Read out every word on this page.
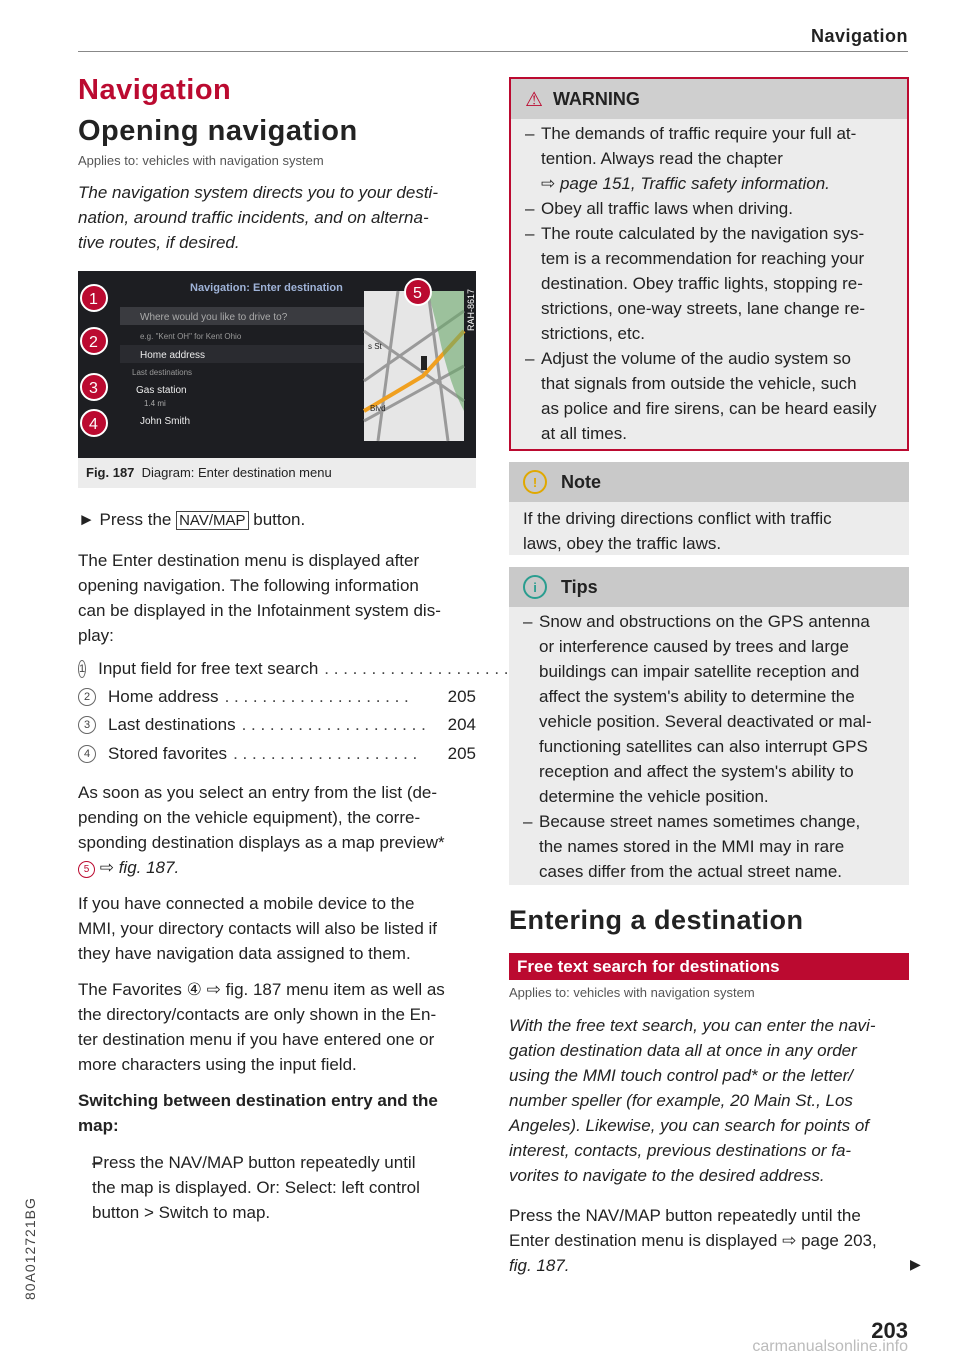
Navigation
80A012721BG
Navigation
Opening navigation
Applies to: vehicles with navigation system
The navigation system directs you to your desti-
nation, around traffic incidents, and on alterna-
tive routes, if desired.
s St
Blvd
Navigation: Enter destination
Where would you like to drive to?
e.g. "Kent OH" for Kent Ohio
Home address
Last destinations
Gas station
1.4 mi
John Smith
1
2
3
4
5	RAH-8617
Fig. 187 Diagram: Enter destination menu
► Press the NAV/MAP button.
The Enter destination menu is displayed after
opening navigation. The following information
can be displayed in the Infotainment system dis-
play:
1 Input field for free text search . . . . . . . . . . . . . . . . . . . .
2	Home address . . . . . . . . . . . . . . . . . . . .	205
3	Last destinations . . . . . . . . . . . . . . . . . . . .	204
4	Stored favorites . . . . . . . . . . . . . . . . . . . .	205
As soon as you select an entry from the list (de-
pending on the vehicle equipment), the corre-
sponding destination displays as a map preview*
5 ⇨ fig. 187.
If you have connected a mobile device to the
MMI, your directory contacts will also be listed if
they have navigation data assigned to them.
The Favorites ④ ⇨ fig. 187 menu item as well as
the directory/contacts are only shown in the En-
ter destination menu if you have entered one or
more characters using the input field.
Switching between destination entry and the
map:
– Press the NAV/MAP button repeatedly until
the map is displayed. Or: Select: left control
button > Switch to map.
⚠ WARNING
– The demands of traffic require your full at-
tention. Always read the chapter
⇨ page 151, Traffic safety information.
– Obey all traffic laws when driving.
– The route calculated by the navigation sys-
tem is a recommendation for reaching your
destination. Obey traffic lights, stopping re-
strictions, one-way streets, lane change re-
strictions, etc.
– Adjust the volume of the audio system so
that signals from outside the vehicle, such
as police and fire sirens, can be heard easily
at all times.
!	Note
If the driving directions conflict with traffic
laws, obey the traffic laws.
i	Tips
– Snow and obstructions on the GPS antenna
or interference caused by trees and large
buildings can impair satellite reception and
affect the system's ability to determine the
vehicle position. Several deactivated or mal-
functioning satellites can also interrupt GPS
reception and affect the system's ability to
determine the vehicle position.
– Because street names sometimes change,
the names stored in the MMI may in rare
cases differ from the actual street name.
Entering a destination
Free text search for destinations
Applies to: vehicles with navigation system
With the free text search, you can enter the navi-
gation destination data all at once in any order
using the MMI touch control pad* or the letter/
number speller (for example, 20 Main St., Los
Angeles). Likewise, you can search for points of
interest, contacts, previous destinations or fa-
vorites to navigate to the desired address.
Press the NAV/MAP button repeatedly until the
Enter destination menu is displayed ⇨ page 203,
fig. 187.	▶
203
carmanualsonline.info
